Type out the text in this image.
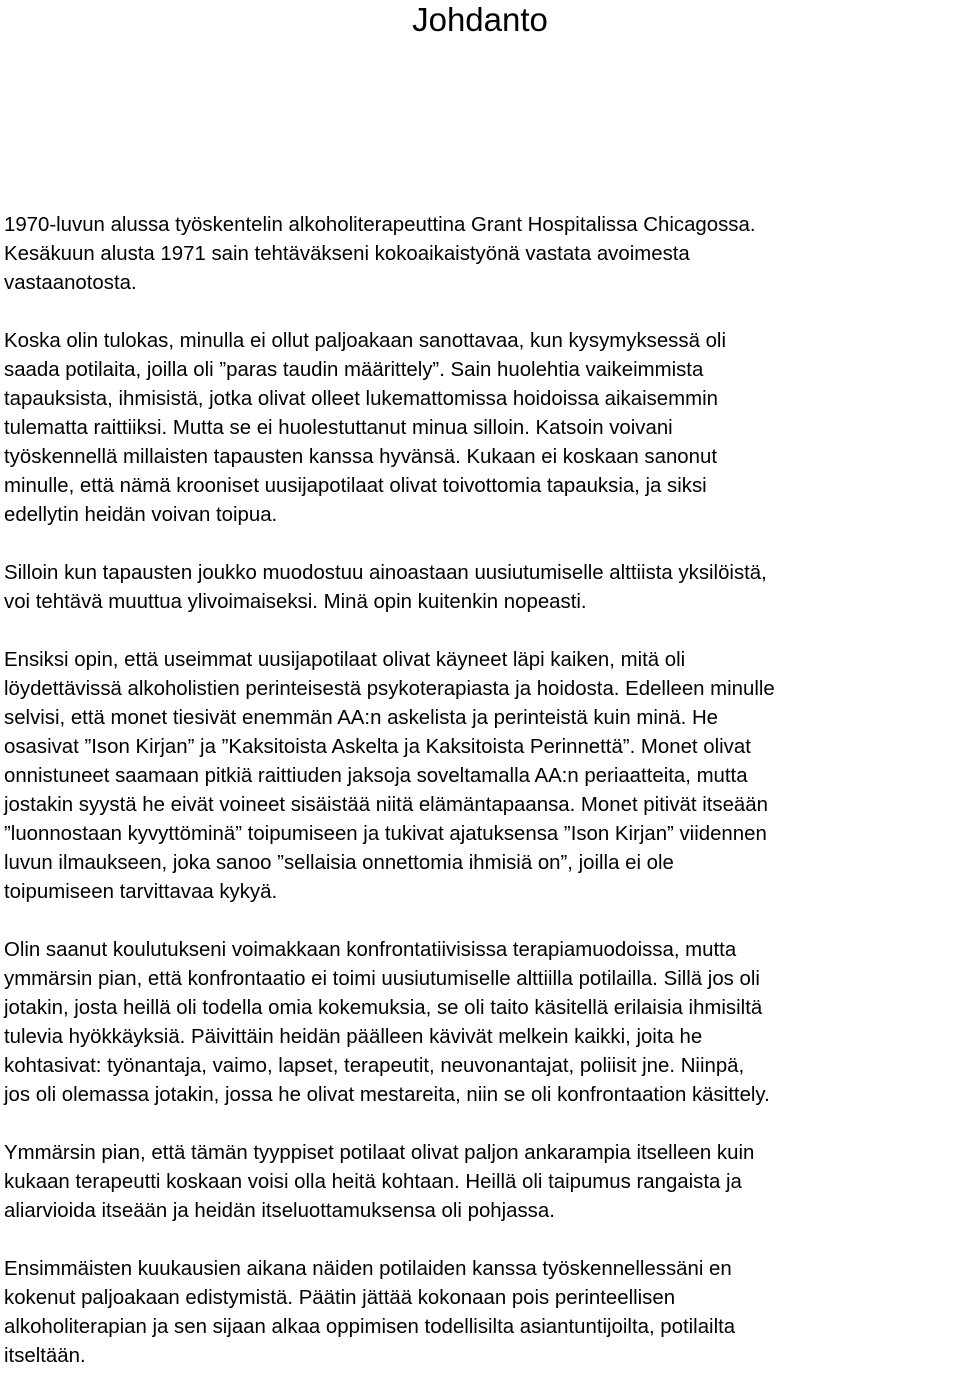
Johdanto

1970-luvun alussa työskentelin alkoholiterapeuttina Grant Hospitalissa Chicagossa.
Kesäkuun alusta 1971 sain tehtäväkseni kokoaikaistyönä vastata avoimesta
vastaanotosta.

Koska olin tulokas, minulla ei ollut paljoakaan sanottavaa, kun kysymyksessä oli
saada potilaita, joilla oli ”paras taudin määrittely”. Sain huolehtia vaikeimmista
tapauksista, ihmisistä, jotka olivat olleet lukemattomissa hoidoissa aikaisemmin
tulematta raittiiksi. Mutta se ei huolestuttanut minua silloin. Katsoin voivani
työskennellä millaisten tapausten kanssa hyvänsä. Kukaan ei koskaan sanonut
minulle, että nämä krooniset uusijapotilaat olivat toivottomia tapauksia, ja siksi
edellytin heidän voivan toipua.

Silloin kun tapausten joukko muodostuu ainoastaan uusiutumiselle alttiista yksilöistä,
voi tehtävä muuttua ylivoimaiseksi. Minä opin kuitenkin nopeasti.

Ensiksi opin, että useimmat uusijapotilaat olivat käyneet läpi kaiken, mitä oli
löydettävissä alkoholistien perinteisestä psykoterapiasta ja hoidosta. Edelleen minulle
selvisi, että monet tiesivät enemmän AA:n askelista ja perinteistä kuin minä. He
osasivat ”Ison Kirjan” ja ”Kaksitoista Askelta ja Kaksitoista Perinnettä”. Monet olivat
onnistuneet saamaan pitkiä raittiuden jaksoja soveltamalla AA:n periaatteita, mutta
jostakin syystä he eivät voineet sisäistää niitä elämäntapaansa. Monet pitivät itseään
”luonnostaan kyvyttöminä” toipumiseen ja tukivat ajatuksensa ”Ison Kirjan” viidennen
luvun ilmaukseen, joka sanoo ”sellaisia onnettomia ihmisiä on”, joilla ei ole
toipumiseen tarvittavaa kykyä.

Olin saanut koulutukseni voimakkaan konfrontatiivisissa terapiamuodoissa, mutta
ymmärsin pian, että konfrontaatio ei toimi uusiutumiselle alttiilla potilailla. Sillä jos oli
jotakin, josta heillä oli todella omia kokemuksia, se oli taito käsitellä erilaisia ihmisiltä
tulevia hyökkäyksiä. Päivittäin heidän päälleen kävivät melkein kaikki, joita he
kohtasivat: työnantaja, vaimo, lapset, terapeutit, neuvonantajat, poliisit jne. Niinpä,
jos oli olemassa jotakin, jossa he olivat mestareita, niin se oli konfrontaation käsittely.

Ymmärsin pian, että tämän tyyppiset potilaat olivat paljon ankarampia itselleen kuin
kukaan terapeutti koskaan voisi olla heitä kohtaan. Heillä oli taipumus rangaista ja
aliarvioida itseään ja heidän itseluottamuksensa oli pohjassa.

Ensimmäisten kuukausien aikana näiden potilaiden kanssa työskennellessäni en
kokenut paljoakaan edistymistä. Päätin jättää kokonaan pois perinteellisen
alkoholiterapian ja sen sijaan alkaa oppimisen todellisilta asiantuntijoilta, potilailta
itseltään.
